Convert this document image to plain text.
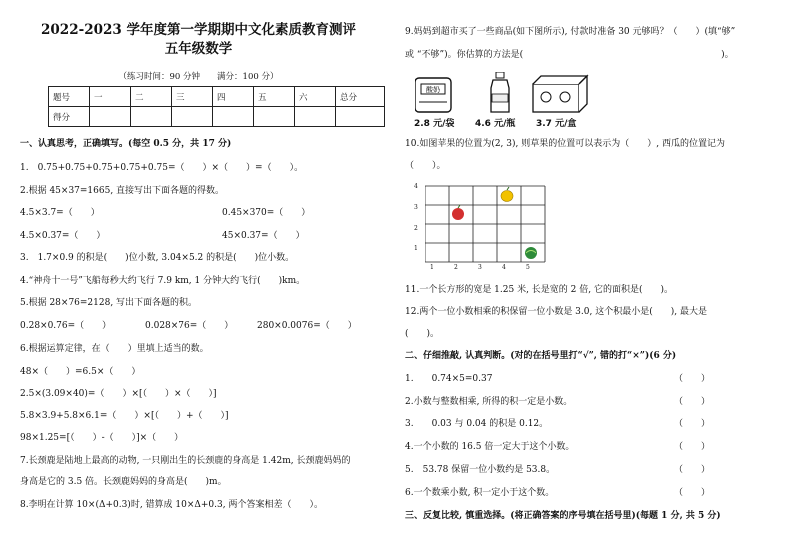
2022-2023 学年度第一学期期中文化素质教育测评
五年级数学
（练习时间：90 分钟　　满分：100 分）
题号	一	二	三	四	五	六	总分
得分							
一、认真思考，正确填写。(每空 0.5 分，共 17 分)
1.　0.75+0.75+0.75+0.75+0.75=（　　）×（　　）=（　　）。
2.根据 45×37=1665, 直接写出下面各题的得数。
4.5×3.7=（　　）	0.45×370=（　　）
4.5×0.37=（　　）	45×0.37=（　　）
3.　1.7×0.9 的积是(　　)位小数, 3.04×5.2 的积是(　　)位小数。
4.“神舟十一号”飞船每秒大约飞行 7.9 km, 1 分钟大约飞行(　　)km。
5.根据 28×76=2128, 写出下面各题的积。
0.28×0.76=（　　）	0.028×76=（　　）	280×0.0076=（　　）
6.根据运算定律，在（　　）里填上适当的数。
48×（　　）=6.5×（　　）
2.5×(3.09×40)=（　　）×[（　　）×（　　）]
5.8×3.9+5.8×6.1=（　　）×[（　　）+（　　）]
98×1.25=[（　　）-（　　）]×（　　）
7.长颈鹿是陆地上最高的动物, 一只刚出生的长颈鹿的身高是 1.42m, 长颈鹿妈妈的
身高是它的 3.5 倍。长颈鹿妈妈的身高是(　　)m。
8.李明在计算 10×(Δ+0.3)时, 错算成 10×Δ+0.3, 两个答案相差（　　）。
9.妈妈到超市买了一些商品(如下图所示), 付款时准备 30 元够吗？（　　）(填“够”
或 “不够”)。你估算的方法是(　　　　　　　　　　　　　　　　　　　　　　)。
酸奶
2.8 元/袋 4.6 元/瓶 3.7 元/盒
10.如图苹果的位置为(2, 3), 则草果的位置可以表示为（　　）, 西瓜的位置记为
（　　）。
4
3
2
1
1	2	3	4	5
11.一个长方形的宽是 1.25 米, 长是宽的 2 倍, 它的面积是(　　)。
12.两个一位小数相乘的积保留一位小数是 3.0, 这个积最小是(　　), 最大是
(　　)。
二、仔细推敲, 认真判断。(对的在括号里打“√”, 错的打“×”)(6 分)
1.　　0.74×5=0.37	（　　）
2.小数与整数相乘, 所得的积一定是小数。	（　　）
3.　　0.03 与 0.04 的积是 0.12。	（　　）
4.一个小数的 16.5 倍一定大于这个小数。	（　　）
5.　53.78 保留一位小数约是 53.8。	（　　）
6.一个数乘小数, 积一定小于这个数。	（　　）
三、反复比较, 慎重选择。(将正确答案的序号填在括号里)(每题 1 分, 共 5 分)
